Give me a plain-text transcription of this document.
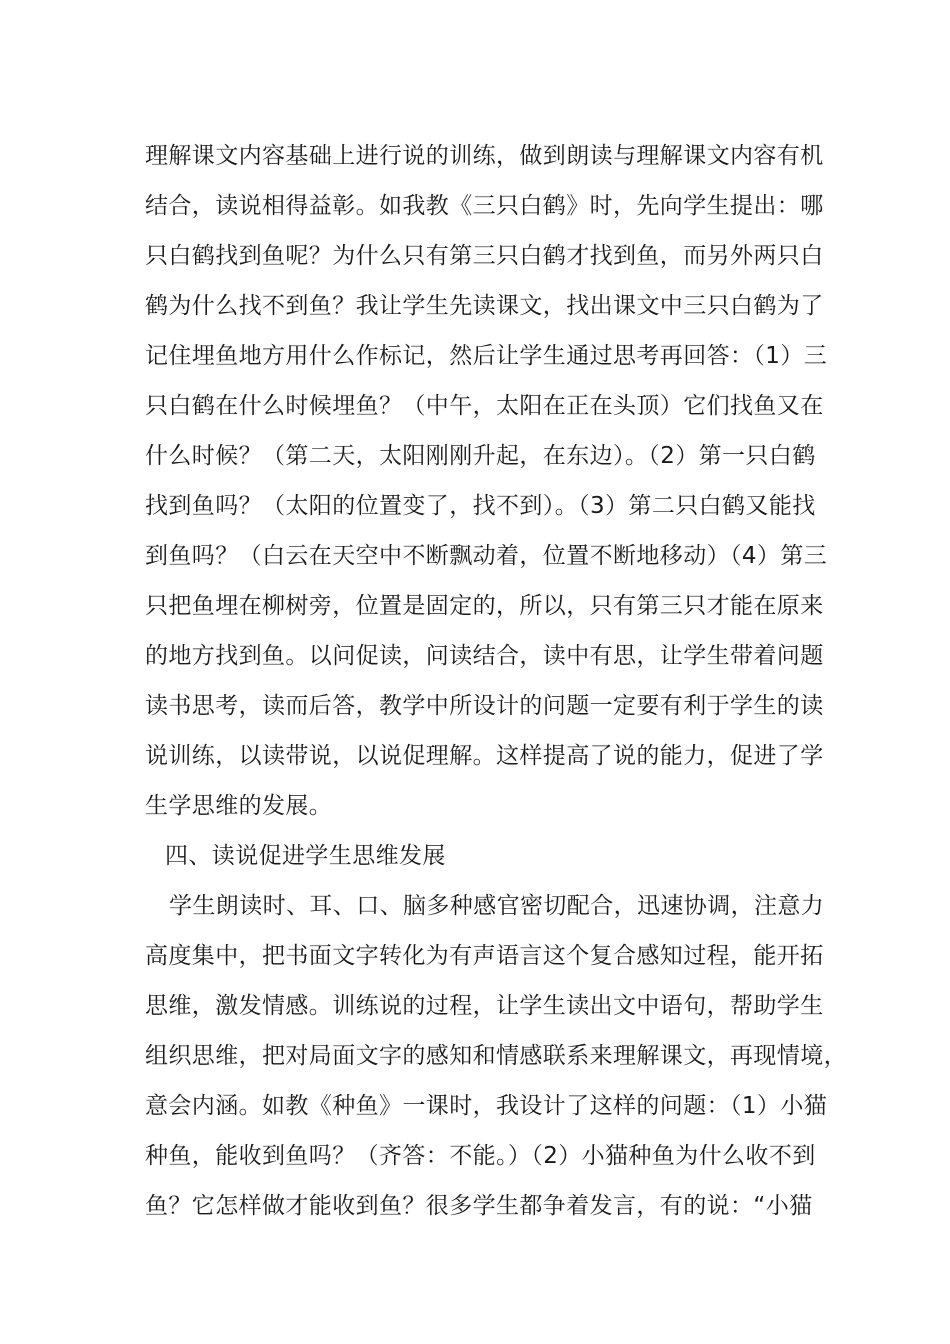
理解课文内容基础上进行说的训练，做到朗读与理解课文内容有机
结合，读说相得益彰。如我教《三只白鹤》时，先向学生提出：哪
只白鹤找到鱼呢？为什么只有第三只白鹤才找到鱼，而另外两只白
鹤为什么找不到鱼？我让学生先读课文，找出课文中三只白鹤为了
记住埋鱼地方用什么作标记，然后让学生通过思考再回答：（1）三
只白鹤在什么时候埋鱼？（中午，太阳在正在头顶）它们找鱼又在
什么时候？（第二天，太阳刚刚升起，在东边）。（2）第一只白鹤
找到鱼吗？（太阳的位置变了，找不到）。（3）第二只白鹤又能找
到鱼吗？（白云在天空中不断飘动着，位置不断地移动）（4）第三
只把鱼埋在柳树旁，位置是固定的，所以，只有第三只才能在原来
的地方找到鱼。以问促读，问读结合，读中有思，让学生带着问题
读书思考，读而后答，教学中所设计的问题一定要有利于学生的读
说训练，以读带说，以说促理解。这样提高了说的能力，促进了学
生学思维的发展。
四、读说促进学生思维发展
学生朗读时、耳、口、脑多种感官密切配合，迅速协调，注意力
高度集中，把书面文字转化为有声语言这个复合感知过程，能开拓
思维，激发情感。训练说的过程，让学生读出文中语句，帮助学生
组织思维，把对局面文字的感知和情感联系来理解课文，再现情境，
意会内涵。如教《种鱼》一课时，我设计了这样的问题：（1）小猫
种鱼，能收到鱼吗？（齐答：不能。）（2）小猫种鱼为什么收不到
鱼？它怎样做才能收到鱼？很多学生都争着发言，有的说：“小猫
